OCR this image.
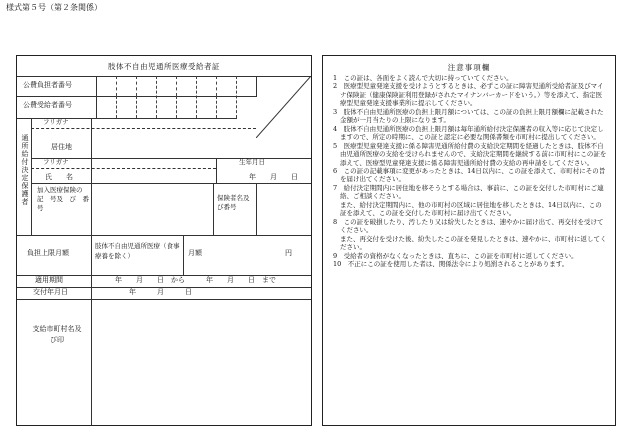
様式第５号（第２条関係）
肢体不自由児通所医療受給者証
公費負担者番号
公費受給者番号
通所給付決定保護者
フリガナ
居住地
フリガナ	生年月日
氏　　名	年　　月　　日
加入医療保険の　記　号及　び　番　号
保険者名及び番号
負担上限月額
肢体不自由児通所医療（食事療養を除く）	月額	円
適用期間	年　　月　　日　から　　　年　　月　　日　まで
交付年月日	年　　　月　　　日
支給市町村名及び印
注意事項欄

1　この証は、各面をよく読んで大切に持っていてください。

2　医療型児童発達支援を受けようとするときは、必ずこの証に障害児通所受給者証及びマイナ保険証（健康保険証利用登録がされたマイナンバーカードをいう。）等を添えて、指定医療型児童発達支援事業所に提示してください。

3　肢体不自由児通所医療の負担上限月額については、この証の負担上限月額欄に記載された金額が一月当たりの上限になります。

4　肢体不自由児通所医療の負担上限月額は毎年通所給付決定保護者の収入等に応じて決定しますので、所定の時期に、この証と認定に必要な関係書類を市町村に提出してください。

5　医療型児童発達支援に係る障害児通所給付費の支給決定期間を経過したときは、肢体不自由児通所医療の支給を受けられませんので、支給決定期間を継続する前に市町村にこの証を添えて、医療型児童発達支援に係る障害児通所給付費の支給の再申請をしてください。

6　この証の記載事項に変更があったときは、14日以内に、この証を添えて、市町村にその旨を届け出てください。

7　給付決定期間内に居住地を移そうとする場合は、事前に、この証を交付した市町村にご連絡、ご相談ください。

また、給付決定期間内に、他の市町村の区域に居住地を移したときは、14日以内に、この証を添えて、この証を交付した市町村に届け出てください。

8　この証を破損したり、汚したり又は紛失したときは、速やかに届け出て、再交付を受けてください。

また、再交付を受けた後、紛失したこの証を発見したときは、速やかに、市町村に返してください。

9　受給者の資格がなくなったときは、直ちに、この証を市町村に返してください。

10　不正にこの証を使用した者は、関係法令により処罰されることがあります。
